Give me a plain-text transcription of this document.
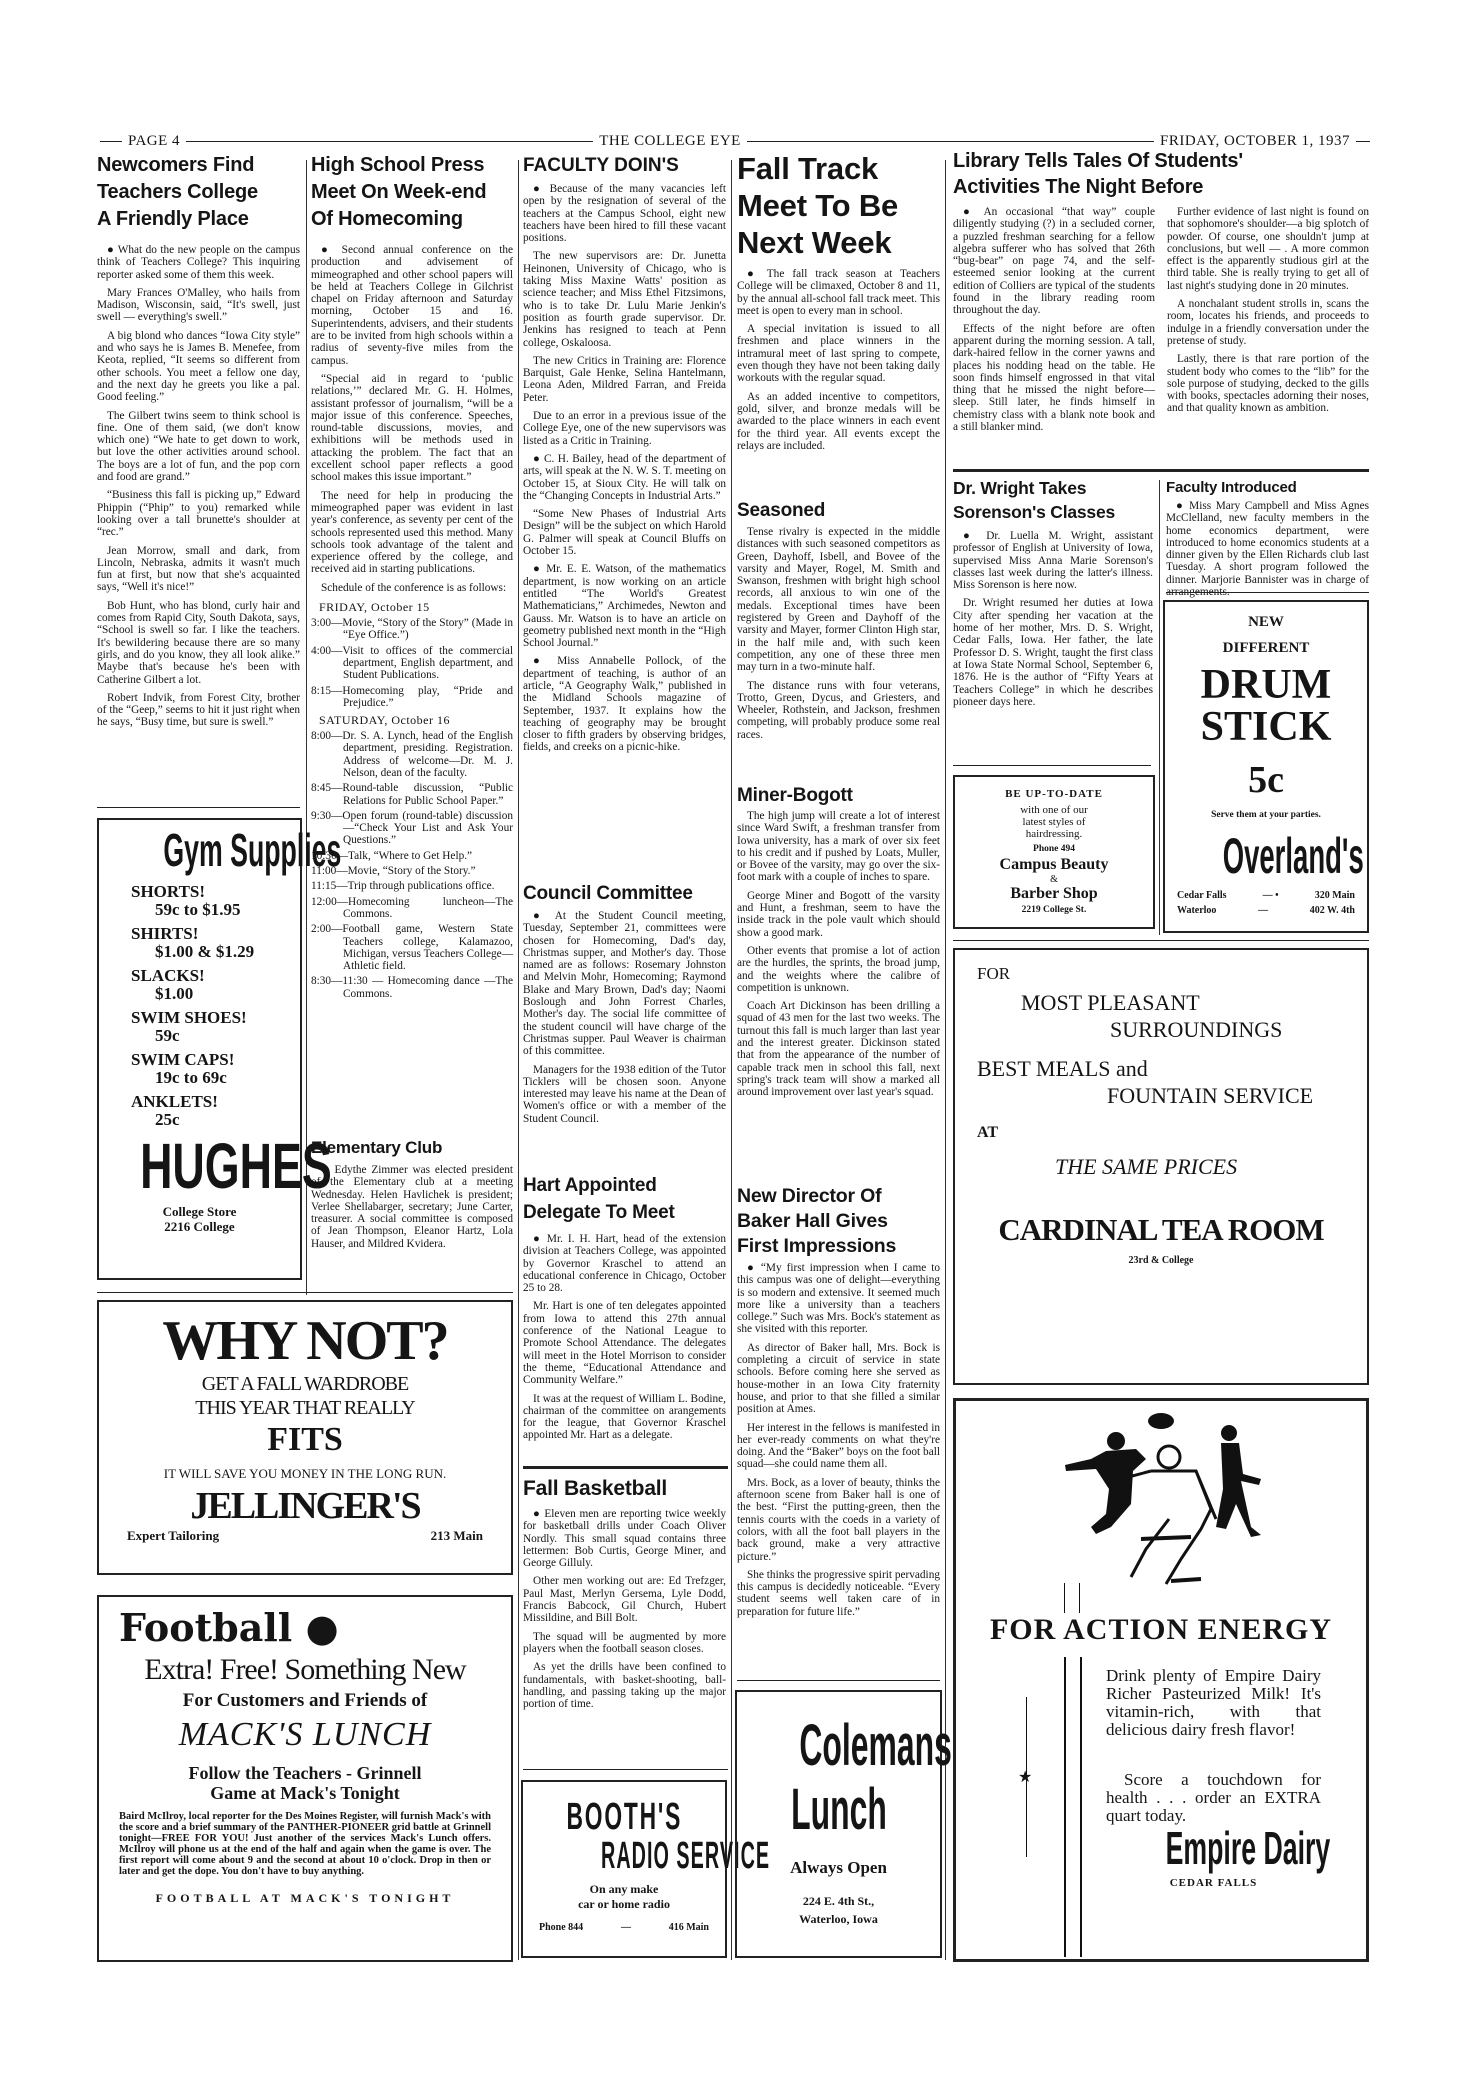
PAGE 4	THE COLLEGE EYE	FRIDAY, OCTOBER 1, 1937
Newcomers Find
Teachers College
A Friendly Place

● What do the new people on the campus think of Teachers College? This inquiring reporter asked some of them this week.

Mary Frances O'Malley, who hails from Madison, Wisconsin, said, “It's swell, just swell — everything's swell.”

A big blond who dances “Iowa City style” and who says he is James B. Menefee, from Keota, replied, “It seems so different from other schools. You meet a fellow one day, and the next day he greets you like a pal. Good feeling.”

The Gilbert twins seem to think school is fine. One of them said, (we don't know which one) “We hate to get down to work, but love the other activities around school. The boys are a lot of fun, and the pop corn and food are grand.”

“Business this fall is picking up,” Edward Phippin (“Phip” to you) remarked while looking over a tall brunette's shoulder at “rec.”

Jean Morrow, small and dark, from Lincoln, Nebraska, admits it wasn't much fun at first, but now that she's acquainted says, “Well it's nice!”

Bob Hunt, who has blond, curly hair and comes from Rapid City, South Dakota, says, “School is swell so far. I like the teachers. It's bewildering because there are so many girls, and do you know, they all look alike.” Maybe that's because he's been with Catherine Gilbert a lot.

Robert Indvik, from Forest City, brother of the “Geep,” seems to hit it just right when he says, “Busy time, but sure is swell.”

Gym Supplies
SHORTS!
59c to $1.95
SHIRTS!
$1.00 & $1.29
SLACKS!
$1.00
SWIM SHOES!
59c
SWIM CAPS!
19c to 69c
ANKLETS!
25c
HUGHES
College Store
2216 College
High School Press
Meet On Week-end
Of Homecoming

● Second annual conference on the production and advisement of mimeographed and other school papers will be held at Teachers College in Gilchrist chapel on Friday afternoon and Saturday morning, October 15 and 16. Superintendents, advisers, and their students are to be invited from high schools within a radius of seventy-five miles from the campus.

“Special aid in regard to ‘public relations,’” declared Mr. G. H. Holmes, assistant professor of journalism, “will be a major issue of this conference. Speeches, round-table discussions, movies, and exhibitions will be methods used in attacking the problem. The fact that an excellent school paper reflects a good school makes this issue important.”

The need for help in producing the mimeographed paper was evident in last year's conference, as seventy per cent of the schools represented used this method. Many schools took advantage of the talent and experience offered by the college, and received aid in starting publications.

Schedule of the conference is as follows:

FRIDAY, October 15
3:00—Movie, “Story of the Story” (Made in “Eye Office.”)
4:00—Visit to offices of the commercial department, English department, and Student Publications.
8:15—Homecoming play, “Pride and Prejudice.”
SATURDAY, October 16
8:00—Dr. S. A. Lynch, head of the English department, presiding. Registration. Address of welcome—Dr. M. J. Nelson, dean of the faculty.
8:45—Round-table discussion, “Public Relations for Public School Paper.”
9:30—Open forum (round-table) discussion—“Check Your List and Ask Your Questions.”
10:30—Talk, “Where to Get Help.”
11:00—Movie, “Story of the Story.”
11:15—Trip through publications office.
12:00—Homecoming luncheon—The Commons.
2:00—Football game, Western State Teachers college, Kalamazoo, Michigan, versus Teachers College—Athletic field.
8:30—11:30 — Homecoming dance —The Commons.
Elementary Club

● Edythe Zimmer was elected president of the Elementary club at a meeting Wednesday. Helen Havlichek is president; Verlee Shellabarger, secretary; June Carter, treasurer. A social committee is composed of Jean Thompson, Eleanor Hartz, Lola Hauser, and Mildred Kvidera.

WHY NOT?
GET A FALL WARDROBE
THIS YEAR THAT REALLY
FITS
IT WILL SAVE YOU MONEY IN THE LONG RUN.
JELLINGER'S
Expert Tailoring	213 Main
Football ●
Extra! Free! Something New
For Customers and Friends of
MACK'S LUNCH
Follow the Teachers - Grinnell
Game at Mack's Tonight
Baird McIlroy, local reporter for the Des Moines Register, will furnish Mack's with the score and a brief summary of the PANTHER-PIONEER grid battle at Grinnell tonight—FREE FOR YOU! Just another of the services Mack's Lunch offers. McIlroy will phone us at the end of the half and again when the game is over. The first report will come about 9 and the second at about 10 o'clock. Drop in then or later and get the dope. You don't have to buy anything.
FOOTBALL AT MACK'S TONIGHT
FACULTY DOIN'S

● Because of the many vacancies left open by the resignation of several of the teachers at the Campus School, eight new teachers have been hired to fill these vacant positions.

The new supervisors are: Dr. Junetta Heinonen, University of Chicago, who is taking Miss Maxine Watts' position as science teacher; and Miss Ethel Fitzsimons, who is to take Dr. Lulu Marie Jenkin's position as fourth grade supervisor. Dr. Jenkins has resigned to teach at Penn college, Oskaloosa.

The new Critics in Training are: Florence Barquist, Gale Henke, Selina Hantelmann, Leona Aden, Mildred Farran, and Freida Peter.

Due to an error in a previous issue of the College Eye, one of the new supervisors was listed as a Critic in Training.

● C. H. Bailey, head of the department of arts, will speak at the N. W. S. T. meeting on October 15, at Sioux City. He will talk on the “Changing Concepts in Industrial Arts.”

“Some New Phases of Industrial Arts Design” will be the subject on which Harold G. Palmer will speak at Council Bluffs on October 15.

● Mr. E. E. Watson, of the mathematics department, is now working on an article entitled “The World's Greatest Mathematicians,” Archimedes, Newton and Gauss. Mr. Watson is to have an article on geometry published next month in the “High School Journal.”

● Miss Annabelle Pollock, of the department of teaching, is author of an article, “A Geography Walk,” published in the Midland Schools magazine of September, 1937. It explains how the teaching of geography may be brought closer to fifth graders by observing bridges, fields, and creeks on a picnic-hike.

Council Committee

● At the Student Council meeting, Tuesday, September 21, committees were chosen for Homecoming, Dad's day, Christmas supper, and Mother's day. Those named are as follows: Rosemary Johnston and Melvin Mohr, Homecoming; Raymond Blake and Mary Brown, Dad's day; Naomi Boslough and John Forrest Charles, Mother's day. The social life committee of the student council will have charge of the Christmas supper. Paul Weaver is chairman of this committee.

Managers for the 1938 edition of the Tutor Ticklers will be chosen soon. Anyone interested may leave his name at the Dean of Women's office or with a member of the Student Council.

Hart Appointed
Delegate To Meet

● Mr. I. H. Hart, head of the extension division at Teachers College, was appointed by Governor Kraschel to attend an educational conference in Chicago, October 25 to 28.

Mr. Hart is one of ten delegates appointed from Iowa to attend this 27th annual conference of the National League to Promote School Attendance. The delegates will meet in the Hotel Morrison to consider the theme, “Educational Attendance and Community Welfare.”

It was at the request of William L. Bodine, chairman of the committee on arangements for the league, that Governor Kraschel appointed Mr. Hart as a delegate.

Fall Basketball

● Eleven men are reporting twice weekly for basketball drills under Coach Oliver Nordly. This small squad contains three lettermen: Bob Curtis, George Miner, and George Gilluly.

Other men working out are: Ed Trefzger, Paul Mast, Merlyn Gersema, Lyle Dodd, Francis Babcock, Gil Church, Hubert Missildine, and Bill Bolt.

The squad will be augmented by more players when the football season closes.

As yet the drills have been confined to fundamentals, with basket-shooting, ball-handling, and passing taking up the major portion of time.

BOOTH'S
RADIO SERVICE
On any make
car or home radio
Phone 844	—	416 Main
Fall Track
Meet To Be
Next Week

● The fall track season at Teachers College will be climaxed, October 8 and 11, by the annual all-school fall track meet. This meet is open to every man in school.

A special invitation is issued to all freshmen and place winners in the intramural meet of last spring to compete, even though they have not been taking daily workouts with the regular squad.

As an added incentive to competitors, gold, silver, and bronze medals will be awarded to the place winners in each event for the third year. All events except the relays are included.

Seasoned

Tense rivalry is expected in the middle distances with such seasoned competitors as Green, Dayhoff, Isbell, and Bovee of the varsity and Mayer, Rogel, M. Smith and Swanson, freshmen with bright high school records, all anxious to win one of the medals. Exceptional times have been registered by Green and Dayhoff of the varsity and Mayer, former Clinton High star, in the half mile and, with such keen competition, any one of these three men may turn in a two-minute half.

The distance runs with four veterans, Trotto, Green, Dycus, and Griesters, and Wheeler, Rothstein, and Jackson, freshmen competing, will probably produce some real races.

Miner-Bogott

The high jump will create a lot of interest since Ward Swift, a freshman transfer from Iowa university, has a mark of over six feet to his credit and if pushed by Loats, Muller, or Bovee of the varsity, may go over the six-foot mark with a couple of inches to spare.

George Miner and Bogott of the varsity and Hunt, a freshman, seem to have the inside track in the pole vault which should show a good mark.

Other events that promise a lot of action are the hurdles, the sprints, the broad jump, and the weights where the calibre of competition is unknown.

Coach Art Dickinson has been drilling a squad of 43 men for the last two weeks. The turnout this fall is much larger than last year and the interest greater. Dickinson stated that from the appearance of the number of capable track men in school this fall, next spring's track team will show a marked all around improvement over last year's squad.

New Director Of
Baker Hall Gives
First Impressions

● “My first impression when I came to this campus was one of delight—everything is so modern and extensive. It seemed much more like a university than a teachers college.” Such was Mrs. Bock's statement as she visited with this reporter.

As director of Baker hall, Mrs. Bock is completing a circuit of service in state schools. Before coming here she served as house-mother in an Iowa City fraternity house, and prior to that she filled a similar position at Ames.

Her interest in the fellows is manifested in her ever-ready comments on what they're doing. And the “Baker” boys on the foot ball squad—she could name them all.

Mrs. Bock, as a lover of beauty, thinks the afternoon scene from Baker hall is one of the best. “First the putting-green, then the tennis courts with the coeds in a variety of colors, with all the foot ball players in the back ground, make a very attractive picture.”

She thinks the progressive spirit pervading this campus is decidedly noticeable. “Every student seems well taken care of in preparation for future life.”

Colemans
Lunch
Always Open
224 E. 4th St.,
Waterloo, Iowa
Library Tells Tales Of Students'
Activities The Night Before

● An occasional “that way” couple diligently studying (?) in a secluded corner, a puzzled freshman searching for a fellow algebra sufferer who has solved that 26th “bug-bear” on page 74, and the self-esteemed senior looking at the current edition of Colliers are typical of the students found in the library reading room throughout the day.

Effects of the night before are often apparent during the morning session. A tall, dark-haired fellow in the corner yawns and places his nodding head on the table. He soon finds himself engrossed in that vital thing that he missed the night before—sleep. Still later, he finds himself in chemistry class with a blank note book and a still blanker mind.

Further evidence of last night is found on that sophomore's shoulder—a big splotch of powder. Of course, one shouldn't jump at conclusions, but well — . A more common effect is the apparently studious girl at the third table. She is really trying to get all of last night's studying done in 20 minutes.

A nonchalant student strolls in, scans the room, locates his friends, and proceeds to indulge in a friendly conversation under the pretense of study.

Lastly, there is that rare portion of the student body who comes to the “lib” for the sole purpose of studying, decked to the gills with books, spectacles adorning their noses, and that quality known as ambition.

Dr. Wright Takes
Sorenson's Classes

● Dr. Luella M. Wright, assistant professor of English at University of Iowa, supervised Miss Anna Marie Sorenson's classes last week during the latter's illness. Miss Sorenson is here now.

Dr. Wright resumed her duties at Iowa City after spending her vacation at the home of her mother, Mrs. D. S. Wright, Cedar Falls, Iowa. Her father, the late Professor D. S. Wright, taught the first class at Iowa State Normal School, September 6, 1876. He is the author of “Fifty Years at Teachers College” in which he describes pioneer days here.

BE UP-TO-DATE
with one of our
latest styles of
hairdressing.
Phone 494
Campus Beauty
&
Barber Shop
2219 College St.
Faculty Introduced

● Miss Mary Campbell and Miss Agnes McClelland, new faculty members in the home economics department, were introduced to home economics students at a dinner given by the Ellen Richards club last Tuesday. A short program followed the dinner. Marjorie Bannister was in charge of arrangements.

NEW
DIFFERENT
DRUM
STICK
5c
Serve them at your parties.
Overland's
Cedar Falls	— •	320 Main
Waterloo	—	402 W. 4th
FOR
MOST PLEASANT
SURROUNDINGS
BEST MEALS and
FOUNTAIN SERVICE
AT
THE SAME PRICES
CARDINAL TEA ROOM
23rd & College
FOR ACTION ENERGY
★
Drink plenty of Empire Dairy Richer Pasteurized Milk! It's vitamin-rich, with that delicious dairy fresh flavor!
Score a touchdown for health . . . order an EXTRA quart today.
Empire Dairy
CEDAR FALLS
